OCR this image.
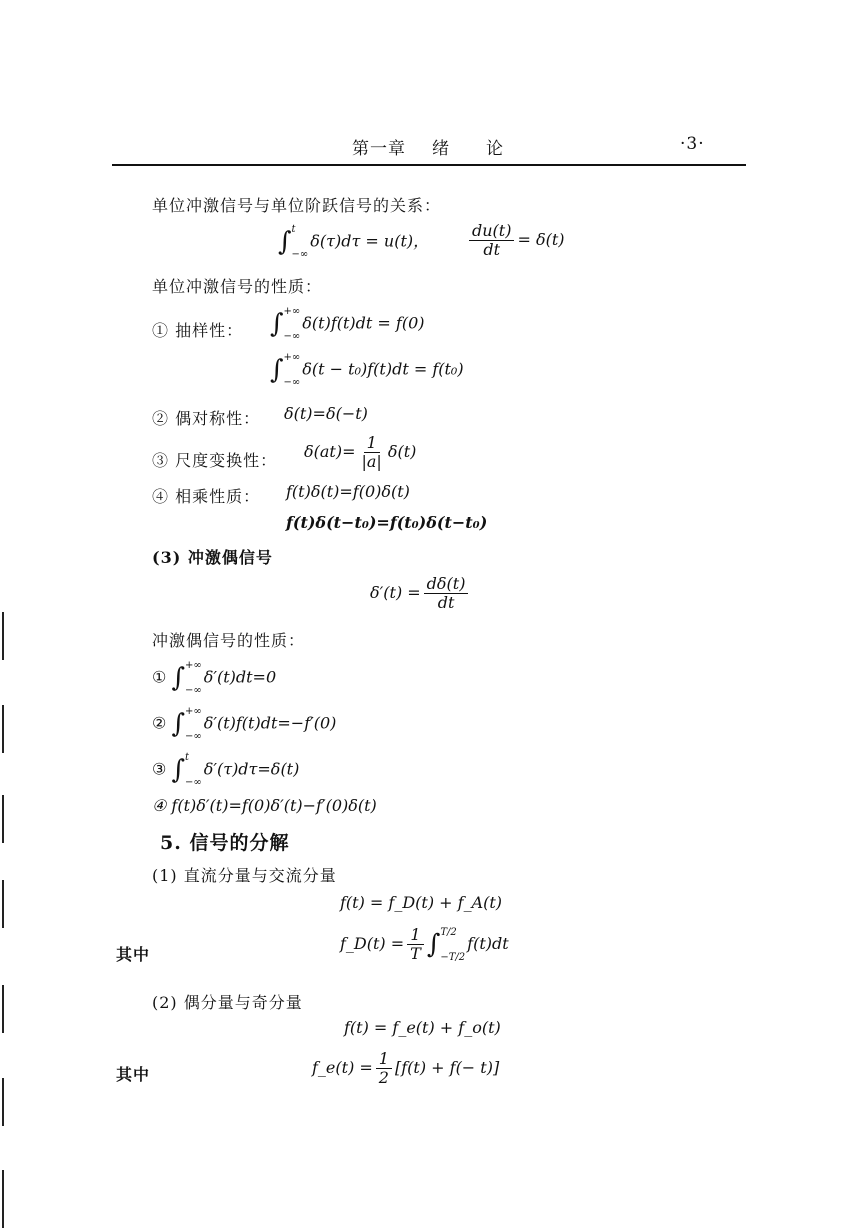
第一章 绪　　论	·3·
单位冲激信号与单位阶跃信号的关系：
∫ t
−∞
δ(τ)dτ = u(t)， $\frac{du(t)}{dt} = \delta(t)$
单位冲激信号的性质：
① 抽样性： ∫ +∞
−∞
δ(t)f(t)dt = f(0)
∫ +∞
−∞
δ(t − t₀)f(t)dt = f(t₀)
② 偶对称性： δ(t)=δ(−t)
③ 尺度变换性： $\delta(at)= \frac{1}{|a|} \delta(t)$
④ 相乘性质： f(t)δ(t)=f(0)δ(t)
f(t)δ(t−t₀)=f(t₀)δ(t−t₀)
(3) 冲激偶信号
$\delta'(t) = \frac{d\delta(t)}{dt}$
冲激偶信号的性质：
① ∫ +∞
−∞
δ′(t)dt=0
② ∫ +∞
−∞
δ′(t)f(t)dt=−f′(0)
③ ∫ t
−∞
δ′(τ)dτ=δ(t)
④ f(t)δ′(t)=f(0)δ′(t)−f′(0)δ(t)
5. 信号的分解
(1) 直流分量与交流分量
f(t) = f_D(t) + f_A(t)
其中
f_D(t) = $\frac{1}{T}$ ∫ T/2
−T/2
f(t)dt
(2) 偶分量与奇分量
f(t) = f_e(t) + f_o(t)
其中	f_e(t) = $\frac{1}{2} [f(t) + f(- t)]$
